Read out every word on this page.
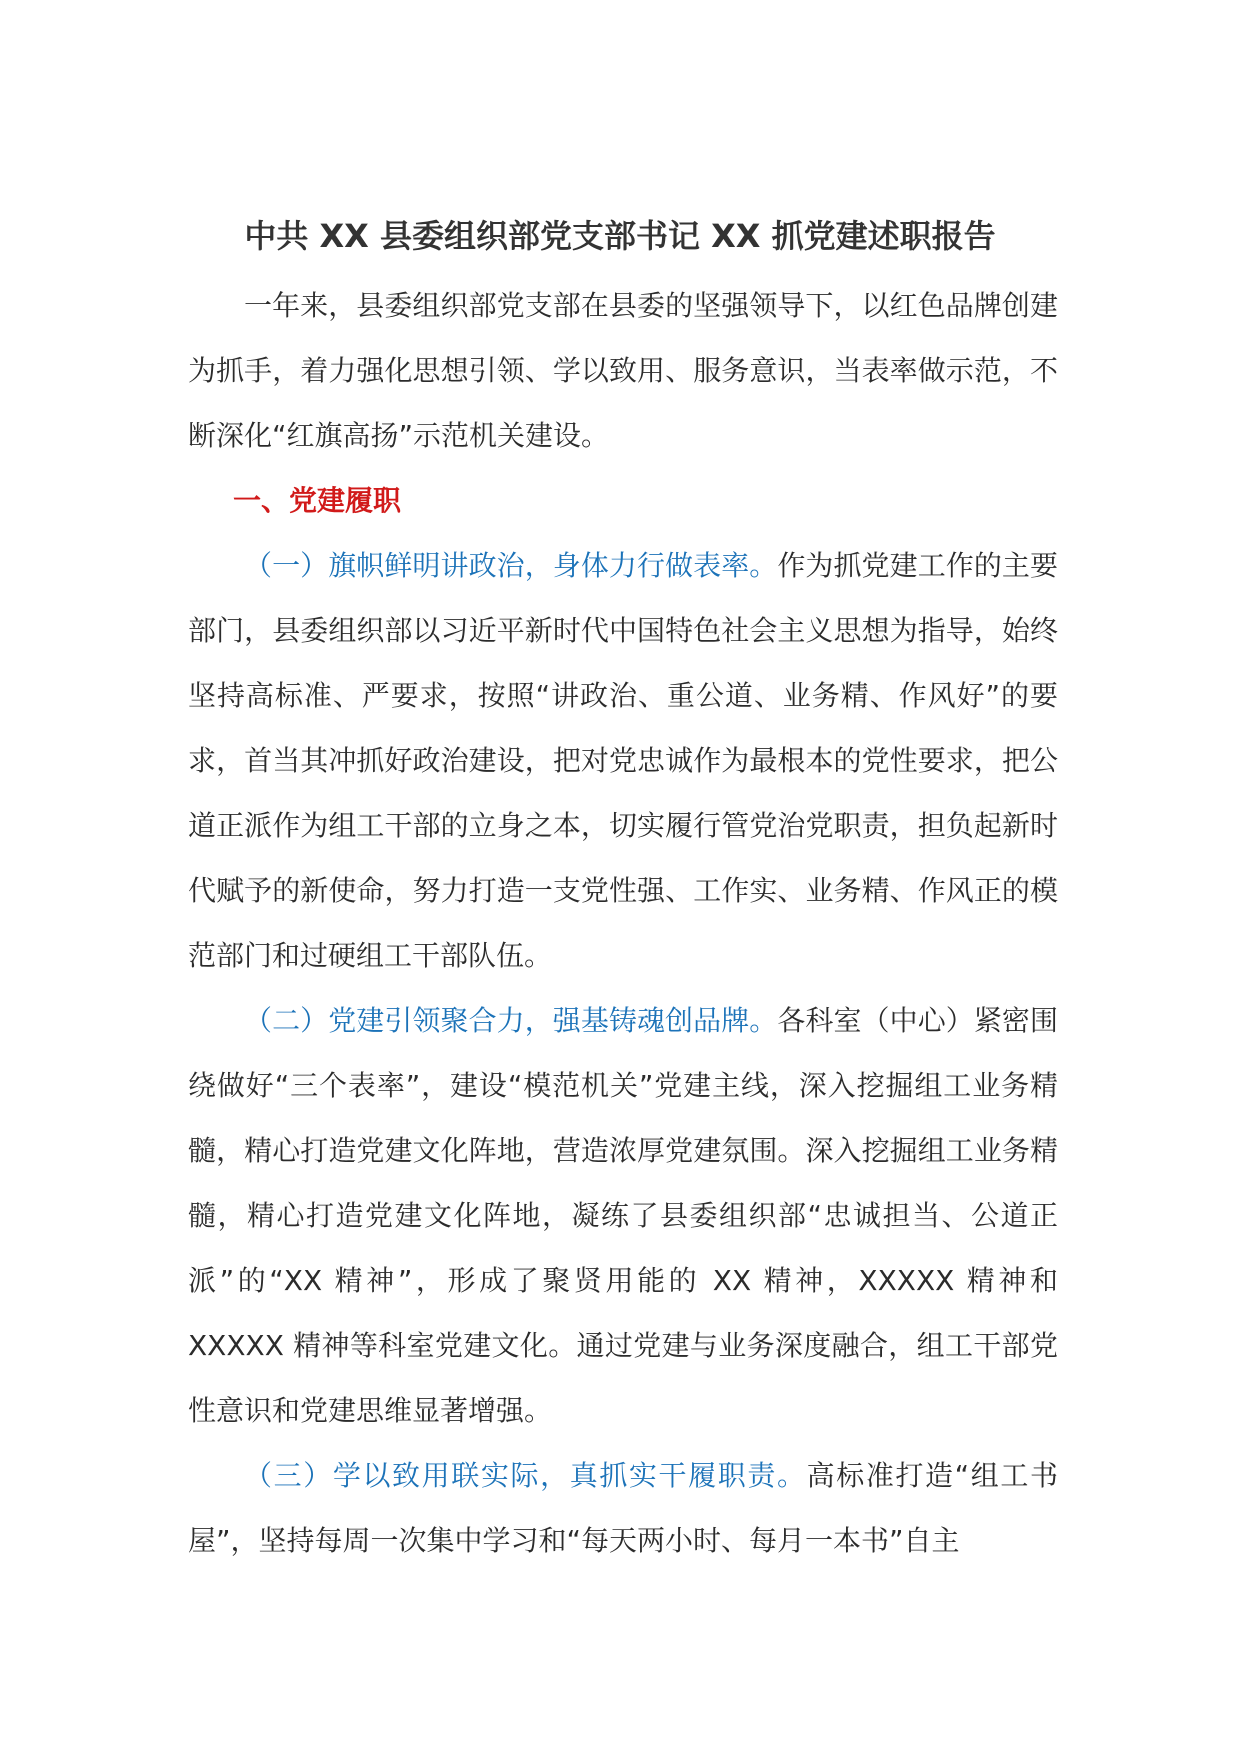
中共 XX 县委组织部党支部书记 XX 抓党建述职报告

一年来，县委组织部党支部在县委的坚强领导下，以红色品牌创建为抓手，着力强化思想引领、学以致用、服务意识，当表率做示范，不断深化“红旗高扬”示范机关建设。

一、党建履职

（一）旗帜鲜明讲政治，身体力行做表率。作为抓党建工作的主要部门，县委组织部以习近平新时代中国特色社会主义思想为指导，始终坚持高标准、严要求，按照“讲政治、重公道、业务精、作风好”的要求，首当其冲抓好政治建设，把对党忠诚作为最根本的党性要求，把公道正派作为组工干部的立身之本，切实履行管党治党职责，担负起新时代赋予的新使命，努力打造一支党性强、工作实、业务精、作风正的模范部门和过硬组工干部队伍。

（二）党建引领聚合力，强基铸魂创品牌。各科室（中心）紧密围绕做好“三个表率”，建设“模范机关”党建主线，深入挖掘组工业务精髓，精心打造党建文化阵地，营造浓厚党建氛围。深入挖掘组工业务精髓，精心打造党建文化阵地，凝练了县委组织部“忠诚担当、公道正派”的“XX 精神”，形成了聚贤用能的 XX 精神，XXXXX 精神和 XXXXX 精神等科室党建文化。通过党建与业务深度融合，组工干部党性意识和党建思维显著增强。

（三）学以致用联实际，真抓实干履职责。高标准打造“组工书屋”，坚持每周一次集中学习和“每天两小时、每月一本书”自主
